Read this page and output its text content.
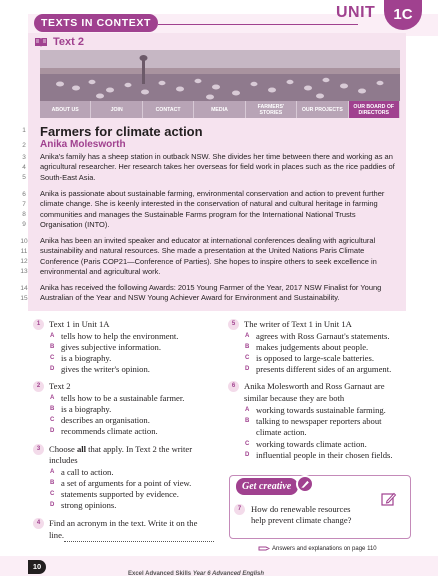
TEXTS IN CONTEXT
UNIT	1C
Text 2
ABOUT US	JOIN	CONTACT	MEDIA	FARMERS' STORIES	OUR PROJECTS	OUR BOARD OF DIRECTORS
1
2
3
4
5
6
7
8
9
10
11
12
13
14
15
Farmers for climate action
Anika Molesworth
Anika's family has a sheep station in outback NSW. She divides her time between there and working as an agricultural researcher. Her research takes her overseas for field work in places such as the rice paddies of South-East Asia.
Anika is passionate about sustainable farming, environmental conservation and action to prevent further climate change. She is keenly interested in the conservation of natural and cultural heritage in farming communities and manages the Sustainable Farms program for the International National Trusts Organisation (INTO).
Anika has been an invited speaker and educator at international conferences dealing with agricultural sustainability and natural resources. She made a presentation at the United Nations Paris Climate Conference (Paris COP21—Conference of Parties). She hopes to inspire others to seek excellence in environmental and agricultural work.
Anika has received the following Awards: 2015 Young Farmer of the Year, 2017 NSW Finalist for Young Australian of the Year and NSW Young Achiever Award for Environment and Sustainability.
1	Text 1 in Unit 1A
A tells how to help the environment.
B gives subjective information.
C is a biography.
D gives the writer's opinion.
2	Text 2
A tells how to be a sustainable farmer.
B is a biography.
C describes an organisation.
D recommends climate action.
3	Choose all that apply. In Text 2 the writer
includes
A a call to action.
B a set of arguments for a point of view.
C statements supported by evidence.
D strong opinions.
4	Find an acronym in the text. Write it on the
line.
5	The writer of Text 1 in Unit 1A
A agrees with Ross Garnaut's statements.
B makes judgements about people.
C is opposed to large-scale batteries.
D presents different sides of an argument.
6	Anika Molesworth and Ross Garnaut are
similar because they are both
A working towards sustainable farming.
B talking to newspaper reporters about
climate action.
C working towards climate action.
D influential people in their chosen fields.
Get creative
7	How do renewable resources
help prevent climate change?
Answers and explanations on page 110
10
Excel Advanced Skills Year 6 Advanced English
